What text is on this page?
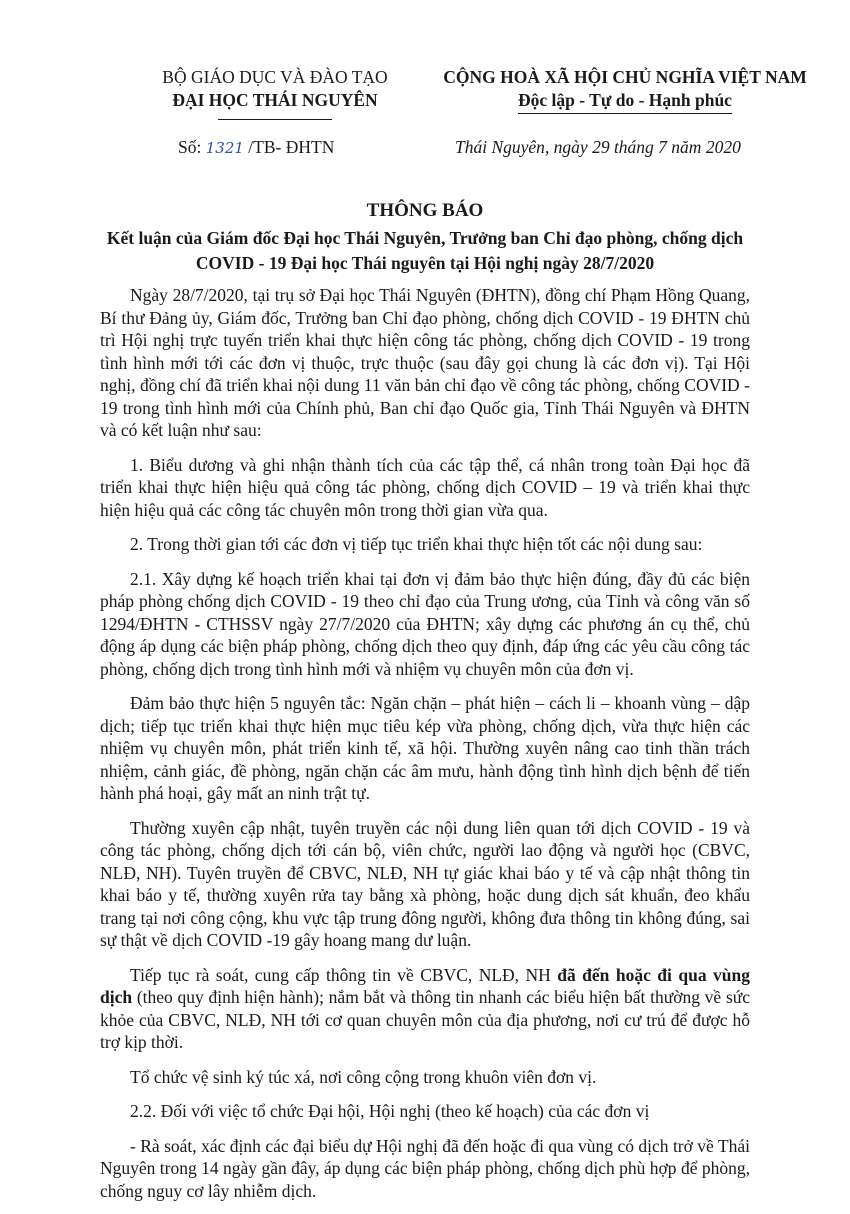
BỘ GIÁO DỤC VÀ ĐÀO TẠO
ĐẠI HỌC THÁI NGUYÊN
CỘNG HOÀ XÃ HỘI CHỦ NGHĨA VIỆT NAM
Độc lập - Tự do - Hạnh phúc
Số: 1321 /TB- ĐHTN	Thái Nguyên, ngày 29 tháng 7 năm 2020
THÔNG BÁO
Kết luận của Giám đốc Đại học Thái Nguyên, Trưởng ban Chỉ đạo phòng, chống dịch COVID - 19 Đại học Thái nguyên tại Hội nghị ngày 28/7/2020

Ngày 28/7/2020, tại trụ sở Đại học Thái Nguyên (ĐHTN), đồng chí Phạm Hồng Quang, Bí thư Đảng ủy, Giám đốc, Trưởng ban Chỉ đạo phòng, chống dịch COVID - 19 ĐHTN chủ trì Hội nghị trực tuyến triển khai thực hiện công tác phòng, chống dịch COVID - 19 trong tình hình mới tới các đơn vị thuộc, trực thuộc (sau đây gọi chung là các đơn vị). Tại Hội nghị, đồng chí đã triển khai nội dung 11 văn bản chỉ đạo về công tác phòng, chống COVID - 19 trong tình hình mới của Chính phủ, Ban chỉ đạo Quốc gia, Tỉnh Thái Nguyên và ĐHTN và có kết luận như sau:

1. Biểu dương và ghi nhận thành tích của các tập thể, cá nhân trong toàn Đại học đã triển khai thực hiện hiệu quả công tác phòng, chống dịch COVID – 19 và triển khai thực hiện hiệu quả các công tác chuyên môn trong thời gian vừa qua.

2. Trong thời gian tới các đơn vị tiếp tục triển khai thực hiện tốt các nội dung sau:

2.1. Xây dựng kế hoạch triển khai tại đơn vị đảm bảo thực hiện đúng, đầy đủ các biện pháp phòng chống dịch COVID - 19 theo chỉ đạo của Trung ương, của Tỉnh và công văn số 1294/ĐHTN - CTHSSV ngày 27/7/2020 của ĐHTN; xây dựng các phương án cụ thể, chủ động áp dụng các biện pháp phòng, chống dịch theo quy định, đáp ứng các yêu cầu công tác phòng, chống dịch trong tình hình mới và nhiệm vụ chuyên môn của đơn vị.

Đảm bảo thực hiện 5 nguyên tắc: Ngăn chặn – phát hiện – cách li – khoanh vùng – dập dịch; tiếp tục triển khai thực hiện mục tiêu kép vừa phòng, chống dịch, vừa thực hiện các nhiệm vụ chuyên môn, phát triển kinh tế, xã hội. Thường xuyên nâng cao tinh thần trách nhiệm, cảnh giác, đề phòng, ngăn chặn các âm mưu, hành động tình hình dịch bệnh để tiến hành phá hoại, gây mất an ninh trật tự.

Thường xuyên cập nhật, tuyên truyền các nội dung liên quan tới dịch COVID - 19 và công tác phòng, chống dịch tới cán bộ, viên chức, người lao động và người học (CBVC, NLĐ, NH). Tuyên truyền để CBVC, NLĐ, NH tự giác khai báo y tế và cập nhật thông tin khai báo y tế, thường xuyên rửa tay bằng xà phòng, hoặc dung dịch sát khuẩn, đeo khẩu trang tại nơi công cộng, khu vực tập trung đông người, không đưa thông tin không đúng, sai sự thật về dịch COVID -19 gây hoang mang dư luận.

Tiếp tục rà soát, cung cấp thông tin về CBVC, NLĐ, NH đã đến hoặc đi qua vùng dịch (theo quy định hiện hành); nắm bắt và thông tin nhanh các biểu hiện bất thường về sức khỏe của CBVC, NLĐ, NH tới cơ quan chuyên môn của địa phương, nơi cư trú để được hỗ trợ kịp thời.

Tổ chức vệ sinh ký túc xá, nơi công cộng trong khuôn viên đơn vị.

2.2. Đối với việc tổ chức Đại hội, Hội nghị (theo kế hoạch) của các đơn vị

- Rà soát, xác định các đại biểu dự Hội nghị đã đến hoặc đi qua vùng có dịch trở về Thái Nguyên trong 14 ngày gần đây, áp dụng các biện pháp phòng, chống dịch phù hợp để phòng, chống nguy cơ lây nhiễm dịch.
